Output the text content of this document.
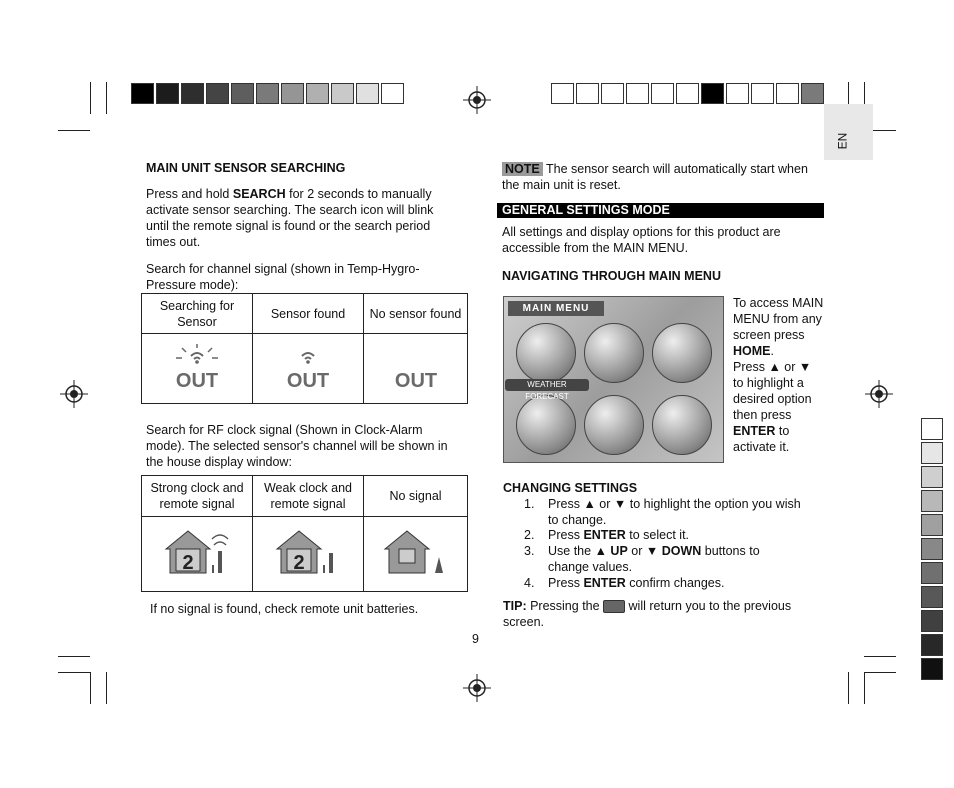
EN
MAIN UNIT SENSOR SEARCHING
Press and hold SEARCH for 2 seconds to manually activate sensor searching. The search icon will blink until the remote signal is found or the search period times out.
Search for channel signal (shown in Temp-Hygro-Pressure mode):
Searching for Sensor	Sensor found	No sensor found

OUT	OUT	OUT
Search for RF clock signal (Shown in Clock-Alarm mode). The selected sensor's channel will be shown in the house display window:
Strong clock and remote signal	Weak clock and remote signal	No signal

2	2

If no signal is found, check remote unit batteries.
NOTE The sensor search will automatically start when the main unit is reset.
GENERAL SETTINGS MODE
All settings and display options for this product are accessible from the MAIN MENU.
NAVIGATING THROUGH MAIN MENU
MAIN MENU
WEATHER FORECAST
To access MAIN MENU from any screen press HOME.
Press ▲ or ▼ to highlight a desired option then press ENTER to activate it.
CHANGING SETTINGS
1.	Press ▲ or ▼ to highlight the option you wish to change.
2.	Press ENTER to select it.
3.	Use the ▲ UP or ▼ DOWN buttons to change values.
4.	Press ENTER confirm changes.
TIP: Pressing the  will return you to the previous screen.
9
